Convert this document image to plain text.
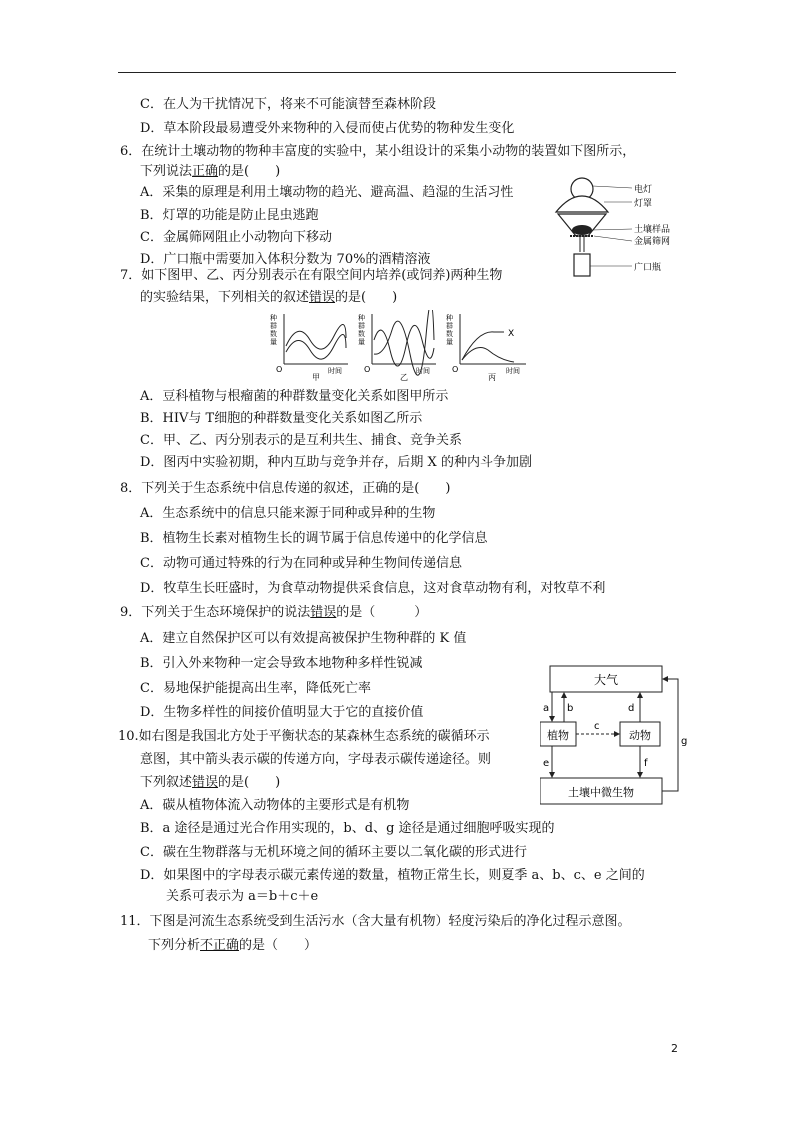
C．在人为干扰情况下，将来不可能演替至森林阶段
D．草本阶段最易遭受外来物种的入侵而使占优势的物种发生变化
6．在统计土壤动物的物种丰富度的实验中，某小组设计的采集小动物的装置如下图所示，
下列说法正确的是(　　)
A．采集的原理是利用土壤动物的趋光、避高温、趋湿的生活习性
B．灯罩的功能是防止昆虫逃跑
C．金属筛网阻止小动物向下移动
D．广口瓶中需要加入体积分数为 70%的酒精溶液
电灯
灯罩
土壤样品
金属筛网
广口瓶
7．如下图甲、乙、丙分别表示在有限空间内培养(或饲养)两种生物
的实验结果，下列相关的叙述错误的是(　　)
种
群
数
量
O	时间
甲
种
群
数
量
O	时间
乙
种
群
数
量
O	时间
X
丙
A．豆科植物与根瘤菌的种群数量变化关系如图甲所示
B．HIV与 T细胞的种群数量变化关系如图乙所示
C．甲、乙、丙分别表示的是互利共生、捕食、竞争关系
D．图丙中实验初期，种内互助与竞争并存，后期 X 的种内斗争加剧
8．下列关于生态系统中信息传递的叙述，正确的是(　　)
A．生态系统中的信息只能来源于同种或异种的生物
B．植物生长素对植物生长的调节属于信息传递中的化学信息
C．动物可通过特殊的行为在同种或异种生物间传递信息
D．牧草生长旺盛时，为食草动物提供采食信息，这对食草动物有利，对牧草不利
9．下列关于生态环境保护的说法错误的是（　　　）
A．建立自然保护区可以有效提高被保护生物种群的 K 值
B．引入外来物种一定会导致本地物种多样性锐减
C．易地保护能提高出生率，降低死亡率
D．生物多样性的间接价值明显大于它的直接价值
大气
植物	动物
土壤中微生物
a b
c
d
e	f
g
10.如右图是我国北方处于平衡状态的某森林生态系统的碳循环示
意图，其中箭头表示碳的传递方向，字母表示碳传递途径。则
下列叙述错误的是(　　)
A．碳从植物体流入动物体的主要形式是有机物
B．a 途径是通过光合作用实现的，b、d、g 途径是通过细胞呼吸实现的
C．碳在生物群落与无机环境之间的循环主要以二氧化碳的形式进行
D．如果图中的字母表示碳元素传递的数量，植物正常生长，则夏季 a、b、c、e 之间的
关系可表示为 a＝b＋c＋e
11．下图是河流生态系统受到生活污水（含大量有机物）轻度污染后的净化过程示意图。
下列分析不正确的是（　　）
2
